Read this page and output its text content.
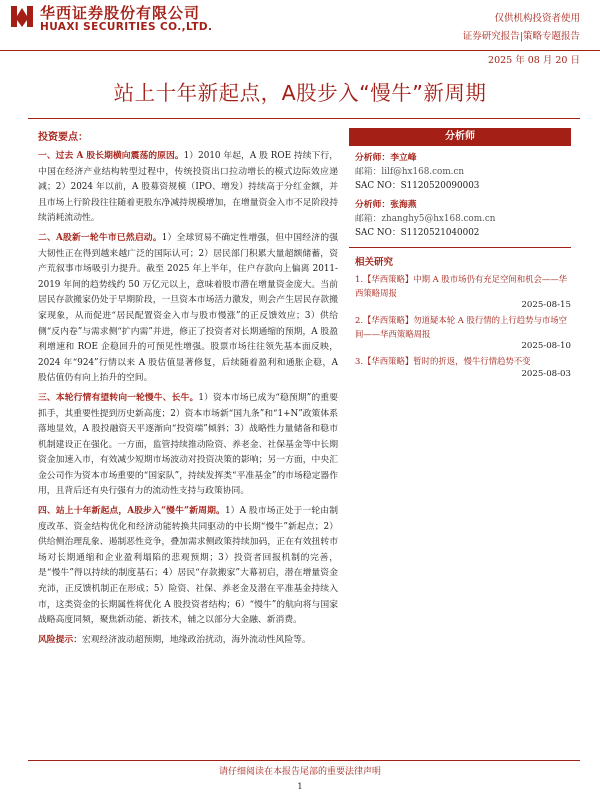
华西证券股份有限公司
HUAXI SECURITIES CO.,LTD.
仅供机构投资者使用
证券研究报告|策略专题报告
2025 年 08 月 20 日
站上十年新起点，A股步入“慢牛”新周期
投资要点：

一、过去 A 股长期横向震荡的原因。1）2010 年起，A 股 ROE 持续下行，中国在经济产业结构转型过程中，传统投资出口拉动增长的模式边际效应递减；2）2024 年以前，A 股募资规模（IPO、增发）持续高于分红金额，并且市场上行阶段往往随着更股东净减持规模增加，在增量资金入市不足阶段持续消耗流动性。

二、A股新一轮牛市已然启动。1）全球贸易不确定性增强，但中国经济的强大韧性正在得到越来越广泛的国际认可；2）居民部门积累大量超额储蓄，资产荒叙事市场吸引力提升。截至 2025 年上半年，住户存款向上偏离 2011-2019 年间的趋势线约 50 万亿元以上，意味着股市潜在增量资金庞大。当前居民存款搬家仍处于早期阶段，一旦资本市场活力激发，则会产生居民存款搬家现象，从而促进“居民配置资金入市与股市慢涨”的正反馈效应；3）供给侧“反内卷”与需求侧“扩内需”并进，修正了投资者对长期通缩的预期，A 股盈利增速和 ROE 企稳回升的可预见性增强。股票市场往往领先基本面反映，2024 年“924”行情以来 A 股估值显著修复，后续随着盈利和通胀企稳，A 股估值仍有向上抬升的空间。

三、本轮行情有望转向一轮慢牛、长牛。1）资本市场已成为“稳预期”的重要抓手，其重要性提到历史新高度；2）资本市场新“国九条”和“1+N”政策体系落地显效，A 股投融资天平逐渐向“投资端”倾斜；3）战略性力量储备和稳市机制建设正在强化。一方面，监管持续推动险资、养老金、社保基金等中长期资金加速入市，有效减少短期市场波动对投资决策的影响；另一方面，中央汇金公司作为资本市场重要的“国家队”，持续发挥类“平准基金”的市场稳定器作用，且背后还有央行强有力的流动性支持与政策协同。

四、站上十年新起点，A股步入“慢牛”新周期。1）A 股市场正处于一轮由制度改革、资金结构优化和经济动能转换共同驱动的中长期“慢牛”新起点；2）供给侧治理乱象、遏制恶性竞争，叠加需求侧政策持续加码，正在有效扭转市场对长期通缩和企业盈利塌陷的悲观预期；3）投资者回报机制的完善，是“慢牛”得以持续的制度基石；4）居民“存款搬家”大幕初启，潜在增量资金充沛，正反馈机制正在形成；5）险资、社保、养老金及潜在平准基金持续入市，这类资金的长期属性将优化 A 股投资者结构；6）“慢牛”的航向将与国家战略高度同频，聚焦新动能、新技术，辅之以部分大金融、新消费。

风险提示：宏观经济波动超预期，地缘政治扰动，海外流动性风险等。

分析师
分析师：李立峰
邮箱：lilf@hx168.com.cn
SAC NO：S1120520090003
分析师：张海燕
邮箱：zhanghy5@hx168.com.cn
SAC NO：S1120521040002
相关研究
1.【华西策略】中期 A 股市场仍有充足空间和机会——华西策略周报
2025-08-15
2.【华西策略】勿道疑本轮 A 股行情的上行趋势与市场空间——华西策略周报
2025-08-10
3.【华西策略】暂时的折返，慢牛行情趋势不变
2025-08-03
请仔细阅读在本报告尾部的重要法律声明
1
